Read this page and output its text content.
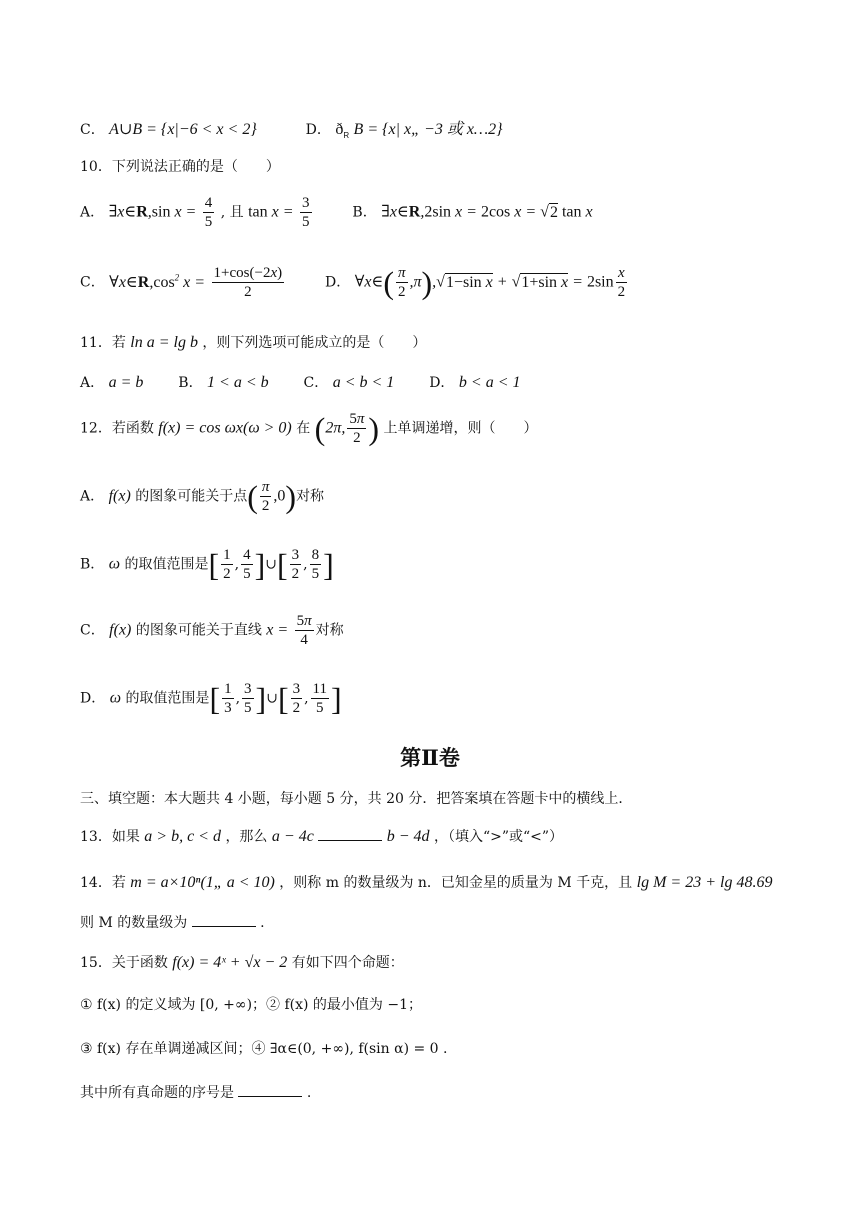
C． A∪B = {x|−6 < x < 2}	D． $ð_R$ B = {x| x„ −3 或 x…2}
10．下列说法正确的是（　　）
A． ∃x∈R,sin $x = \frac{4}{5}$ , 且 $\tan x = \frac{3}{5}$	B． ∃x∈R,2sin x = 2cos x = √2 tan x
C． $\forall x\in R,\cos^2$ $x = \frac{1+\cos(-2x)}{2}$	D． ∀x∈( $\frac{\pi}{2} ,\pi),√1-\sin$ x + √1+sin $x = 2\sin \frac{x}{2}$
11．若 ln a = lg b ，则下列选项可能成立的是（　　）
A． a = b B． 1 < a < b C． a < b < 1 D． b < a < 1
12．若函数 f(x) = cos ωx(ω > 0) 在 (2π, $\frac{5\pi}{2}$ ) 上单调递增，则（　　）
A． f(x) 的图象可能关于点( $\frac{\pi}{2} ,0$)对称
B． ω 的取值范围是[ $\frac{1}{2}$ , $\frac{4}{5}$ ]∪[ $\frac{3}{2}$ , $\frac{8}{5}$ ]
C． f(x) 的图象可能关于直线 $x = \frac{5\pi}{4}$ 对称
D． ω 的取值范围是[ $\frac{1}{3}$ , $\frac{3}{5}$ ]∪[ $\frac{3}{2}$ , $\frac{11}{5}$ ]
第Ⅱ卷
三、填空题：本大题共 4 小题，每小题 5 分，共 20 分．把答案填在答题卡中的横线上．
13．如果 a > b, c < d ，那么 a − 4c	b − 4d ，（填入“>”或“<”）
14．若 m = a×10ⁿ(1„ a < 10) ，则称 m 的数量级为 n．已知金星的质量为 M 千克，且 lg M = 23 + lg 48.69
则 M 的数量级为	.
15．关于函数 f(x) = 4ˣ + √x − 2 有如下四个命题：
① f(x) 的定义域为 [0, +∞)；② f(x) 的最小值为 −1；
③ f(x) 存在单调递减区间；④ ∃α∈(0, +∞), f(sin α) = 0 .
其中所有真命题的序号是	.
